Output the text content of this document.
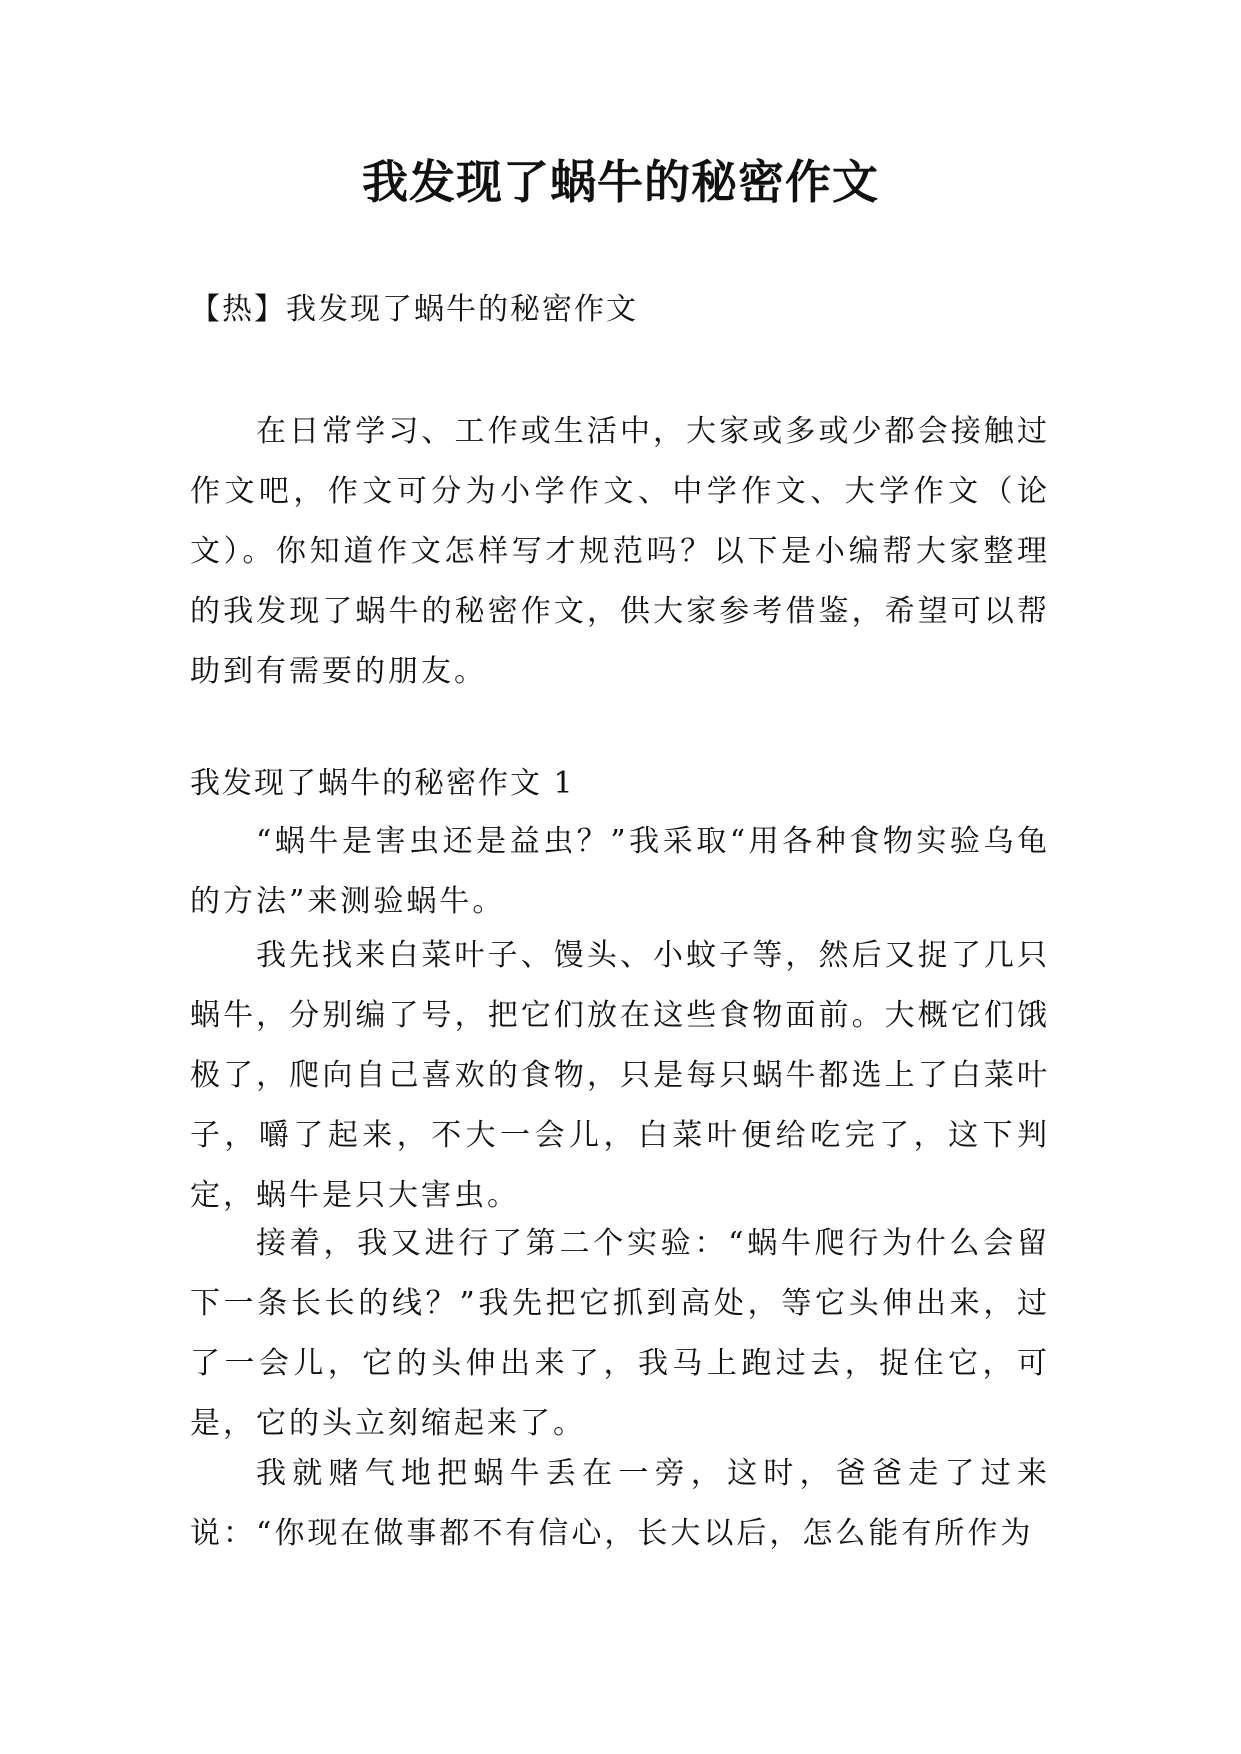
我发现了蜗牛的秘密作文

【热】我发现了蜗牛的秘密作文

在日常学习、工作或生活中，大家或多或少都会接触过作文吧，作文可分为小学作文、中学作文、大学作文（论文）。你知道作文怎样写才规范吗？以下是小编帮大家整理的我发现了蜗牛的秘密作文，供大家参考借鉴，希望可以帮助到有需要的朋友。

我发现了蜗牛的秘密作文 1

“蜗牛是害虫还是益虫？”我采取“用各种食物实验乌龟的方法”来测验蜗牛。

我先找来白菜叶子、馒头、小蚊子等，然后又捉了几只蜗牛，分别编了号，把它们放在这些食物面前。大概它们饿极了，爬向自己喜欢的食物，只是每只蜗牛都选上了白菜叶子，嚼了起来，不大一会儿，白菜叶便给吃完了，这下判定，蜗牛是只大害虫。

接着，我又进行了第二个实验：“蜗牛爬行为什么会留下一条长长的线？”我先把它抓到高处，等它头伸出来，过了一会儿，它的头伸出来了，我马上跑过去，捉住它，可是，它的头立刻缩起来了。

我就赌气地把蜗牛丢在一旁，这时，爸爸走了过来说：“你现在做事都不有信心，长大以后，怎么能有所作为
